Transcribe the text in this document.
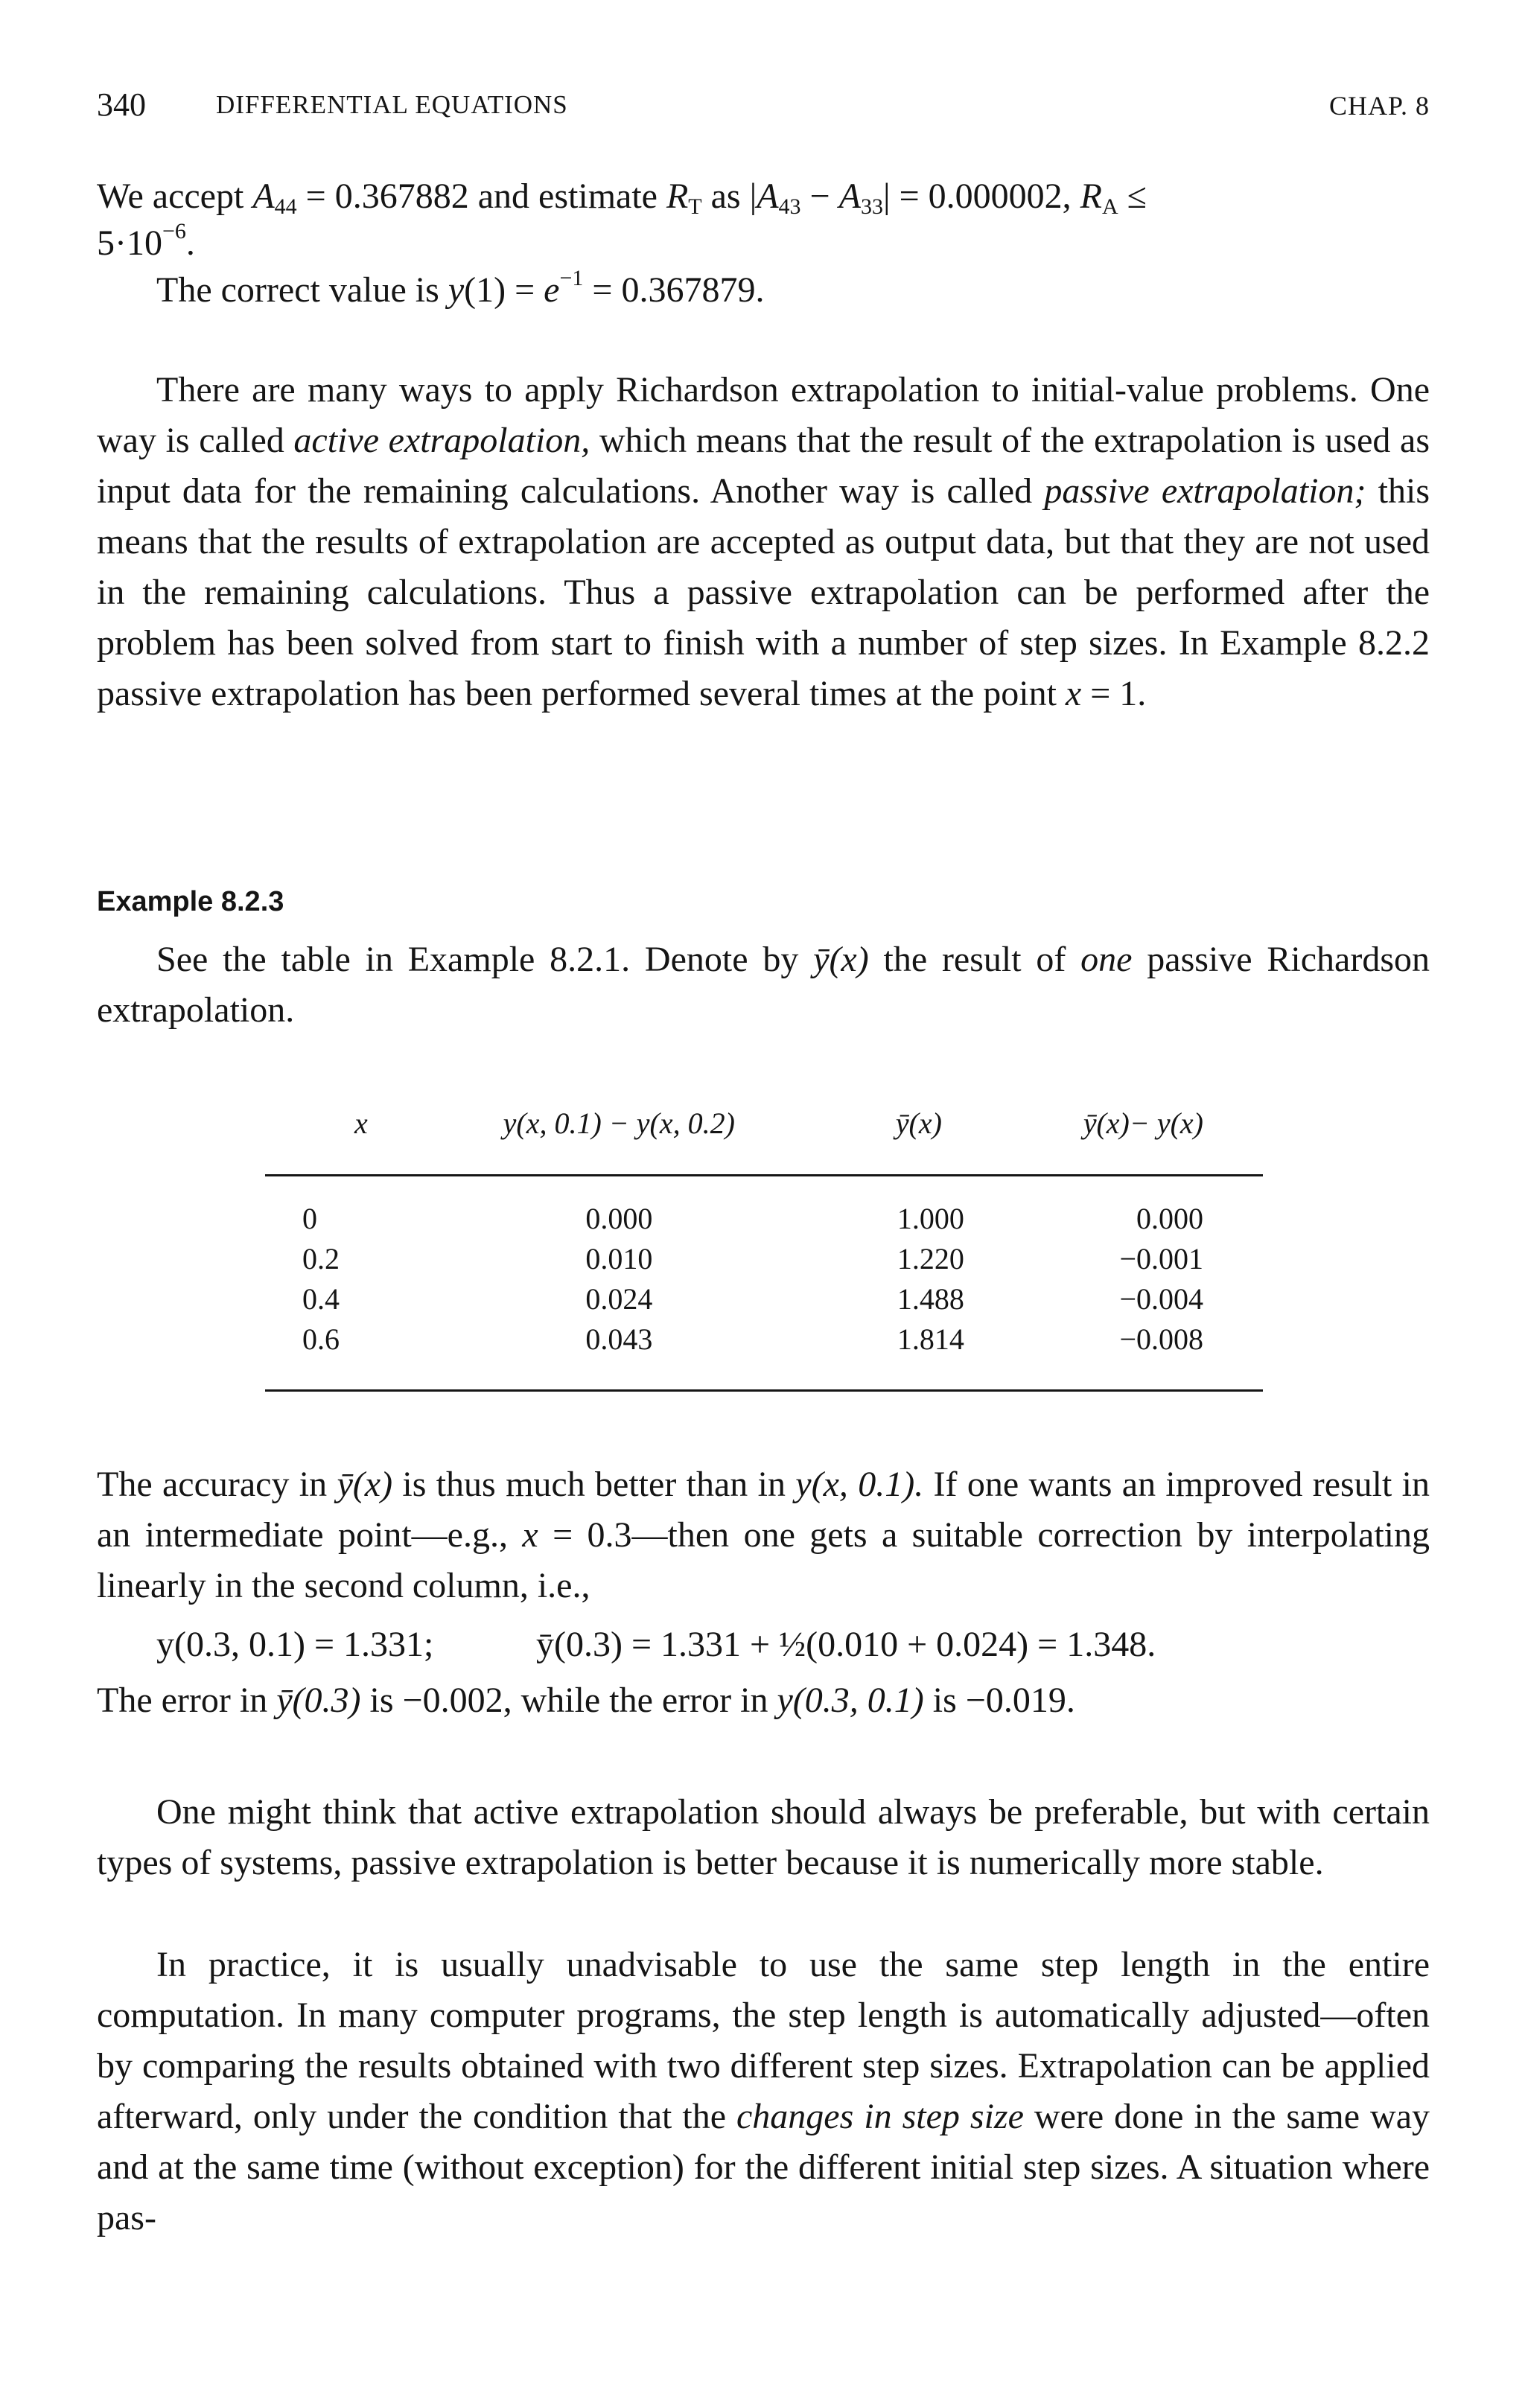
340	DIFFERENTIAL EQUATIONS	CHAP. 8
We accept $A_{44} = 0.367882$ and estimate $R_T$ as $|A_{43} - A_{33}| = 0.000002$, $R_A$ ≤
$5\cdot 10^{-6}$.
The correct value is $y(1) = e^{-1} = 0.367879$.

There are many ways to apply Richardson extrapolation to initial-value problems. One way is called active extrapolation, which means that the result of the extrapolation is used as input data for the remaining calculations. Another way is called passive extrapolation; this means that the results of extrapolation are accepted as output data, but that they are not used in the remaining calculations. Thus a passive extrapolation can be performed after the problem has been solved from start to finish with a number of step sizes. In Example 8.2.2 passive extrapolation has been performed several times at the point x = 1.

Example 8.2.3

See the table in Example 8.2.1. Denote by ȳ(x) the result of one passive Richardson extrapolation.

x	y(x, 0.1) − y(x, 0.2)	ȳ(x)	ȳ(x)− y(x)
0	0.000	1.000	0.000
0.2	0.010	1.220	−0.001
0.4	0.024	1.488	−0.004
0.6	0.043	1.814	−0.008

The accuracy in ȳ(x) is thus much better than in y(x, 0.1). If one wants an improved result in an intermediate point—e.g., x = 0.3—then one gets a suitable correction by interpolating linearly in the second column, i.e.,

y(0.3, 0.1) = 1.331;	ȳ(0.3) = 1.331 + ½(0.010 + 0.024) = 1.348.

The error in ȳ(0.3) is −0.002, while the error in y(0.3, 0.1) is −0.019.

One might think that active extrapolation should always be preferable, but with certain types of systems, passive extrapolation is better because it is numerically more stable.

In practice, it is usually unadvisable to use the same step length in the entire computation. In many computer programs, the step length is automatically adjusted—often by comparing the results obtained with two different step sizes. Extrapolation can be applied afterward, only under the condition that the changes in step size were done in the same way and at the same time (without exception) for the different initial step sizes. A situation where pas-
